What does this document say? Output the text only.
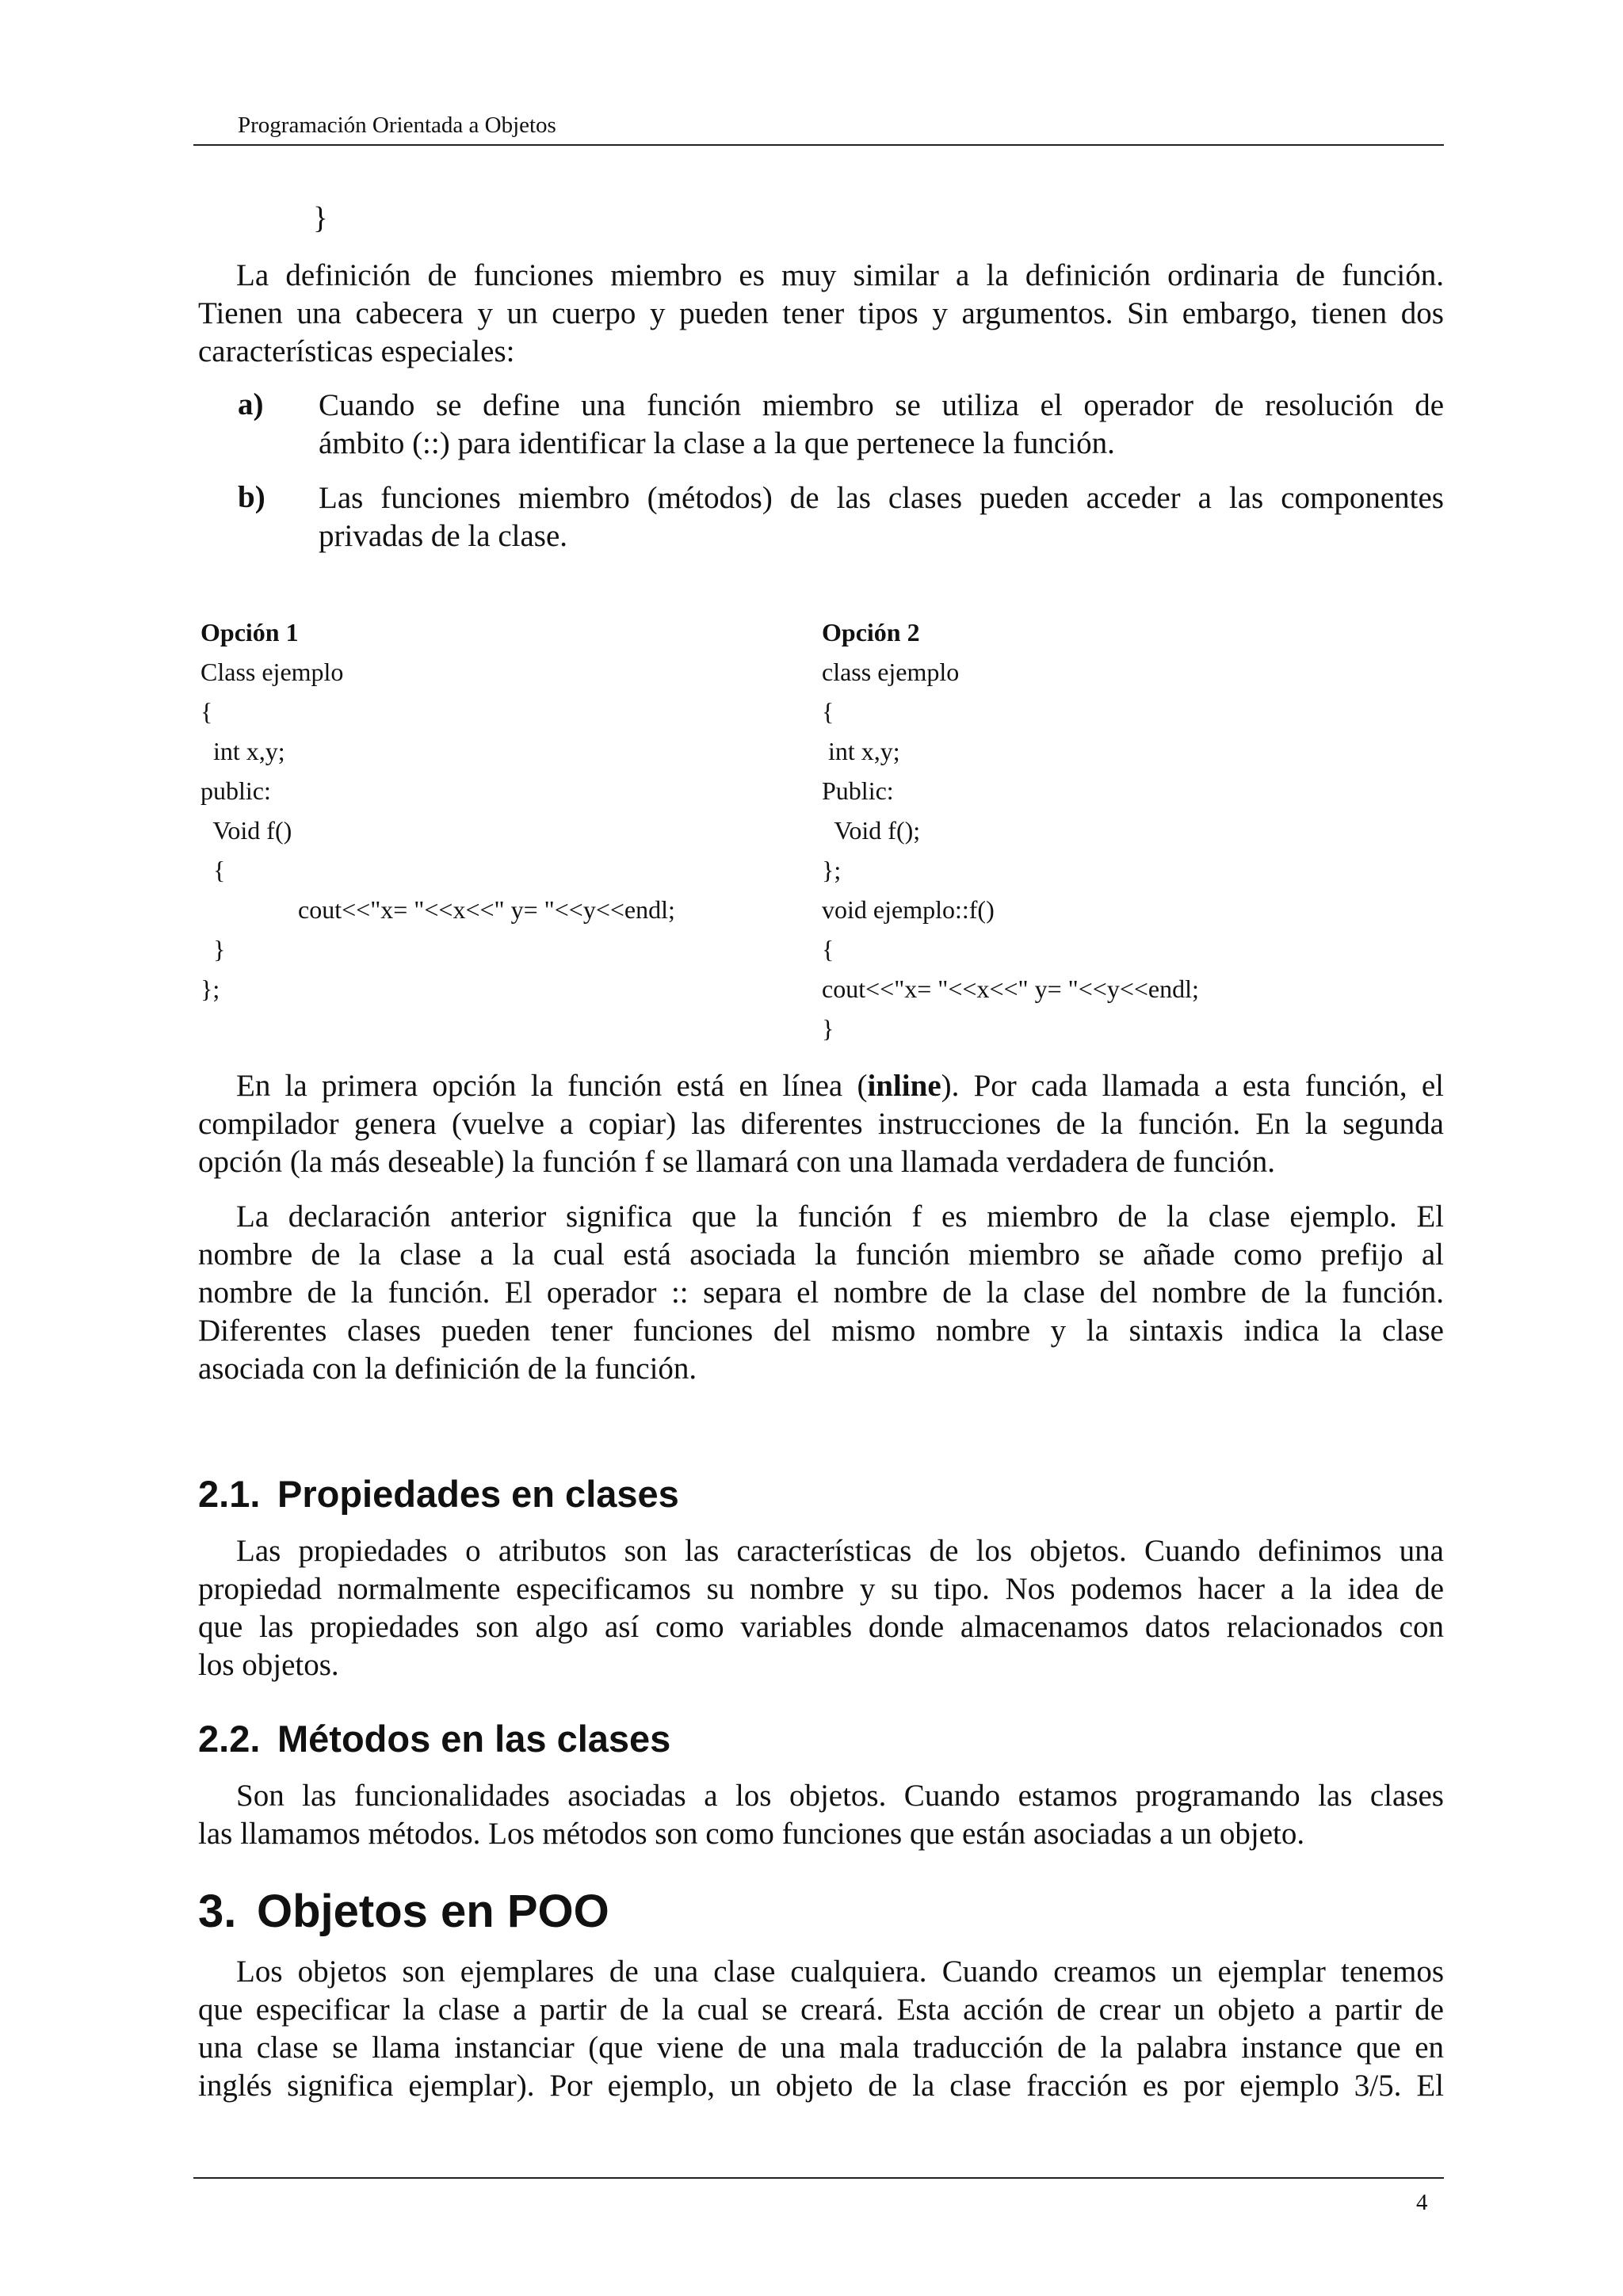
Programación Orientada a Objetos
}
La definición de funciones miembro es muy similar a la definición ordinaria de función.
Tienen una cabecera y un cuerpo y pueden tener tipos y argumentos. Sin embargo, tienen dos
características especiales:
a) Cuando se define una función miembro se utiliza el operador de resolución de
ámbito (::) para identificar la clase a la que pertenece la función.
b) Las funciones miembro (métodos) de las clases pueden acceder a las componentes
privadas de la clase.
Opción 1
Class ejemplo
{
int x,y;
public:
Void f()
{
cout<<"x= "<<x<<" y= "<<y<<endl;
}
};
Opción 2
class ejemplo
{
int x,y;
Public:
Void f();
};
void ejemplo::f()
{
cout<<"x= "<<x<<" y= "<<y<<endl;
}
En la primera opción la función está en línea (inline). Por cada llamada a esta función, el
compilador genera (vuelve a copiar) las diferentes instrucciones de la función. En la segunda
opción (la más deseable) la función f se llamará con una llamada verdadera de función.
La declaración anterior significa que la función f es miembro de la clase ejemplo. El
nombre de la clase a la cual está asociada la función miembro se añade como prefijo al
nombre de la función. El operador :: separa el nombre de la clase del nombre de la función.
Diferentes clases pueden tener funciones del mismo nombre y la sintaxis indica la clase
asociada con la definición de la función.
2.1. Propiedades en clases
Las propiedades o atributos son las características de los objetos. Cuando definimos una
propiedad normalmente especificamos su nombre y su tipo. Nos podemos hacer a la idea de
que las propiedades son algo así como variables donde almacenamos datos relacionados con
los objetos.
2.2. Métodos en las clases
Son las funcionalidades asociadas a los objetos. Cuando estamos programando las clases
las llamamos métodos. Los métodos son como funciones que están asociadas a un objeto.
3. Objetos en POO
Los objetos son ejemplares de una clase cualquiera. Cuando creamos un ejemplar tenemos
que especificar la clase a partir de la cual se creará. Esta acción de crear un objeto a partir de
una clase se llama instanciar (que viene de una mala traducción de la palabra instance que en
inglés significa ejemplar). Por ejemplo, un objeto de la clase fracción es por ejemplo 3/5. El
4
